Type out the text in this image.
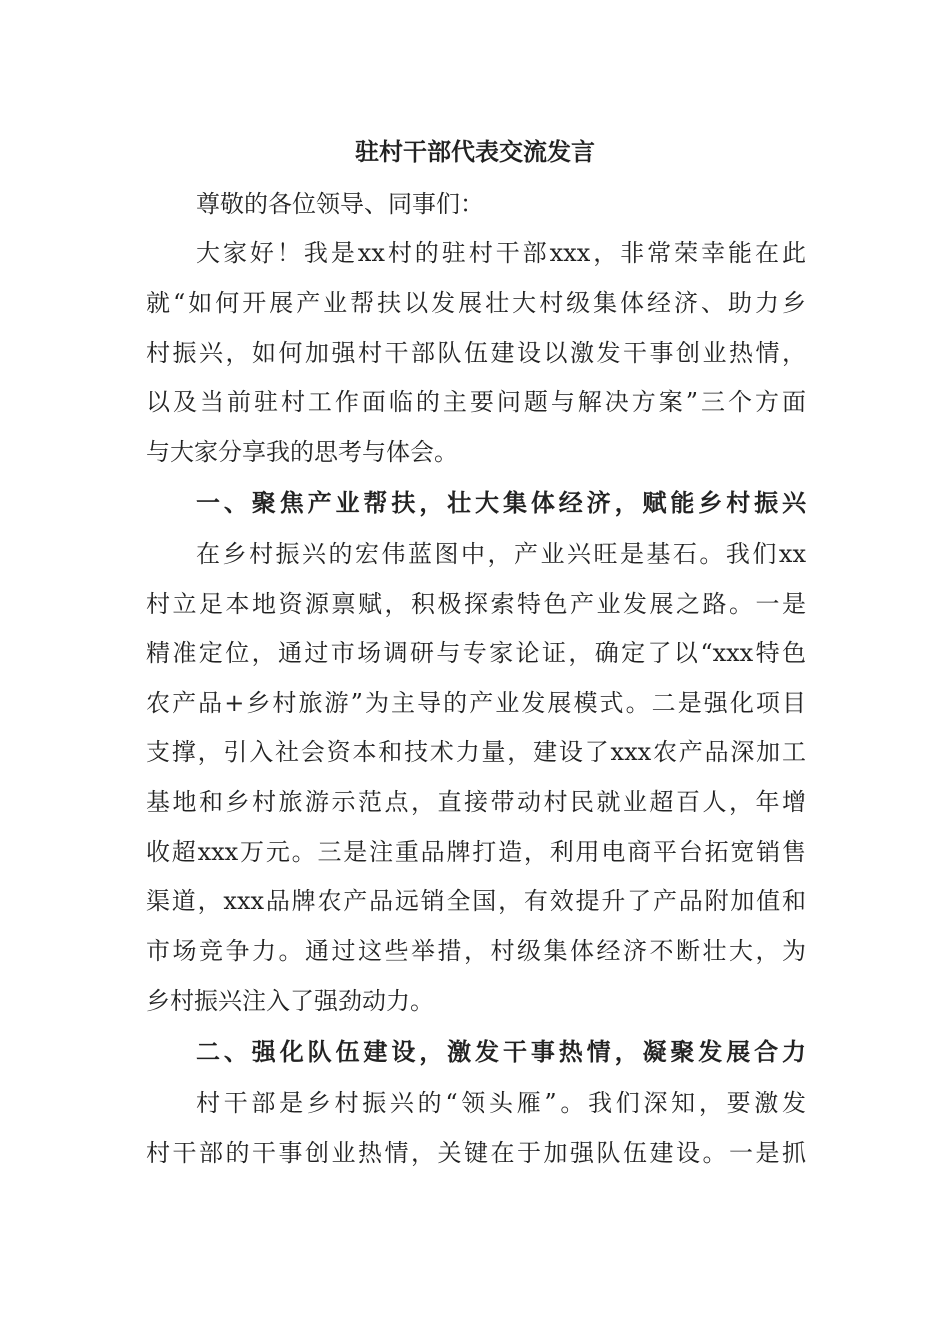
驻村干部代表交流发言
尊敬的各位领导、同事们：
大家好！我是xx村的驻村干部xxx，非常荣幸能在此
就“如何开展产业帮扶以发展壮大村级集体经济、助力乡
村振兴，如何加强村干部队伍建设以激发干事创业热情，
以及当前驻村工作面临的主要问题与解决方案”三个方面
与大家分享我的思考与体会。
一、聚焦产业帮扶，壮大集体经济，赋能乡村振兴
在乡村振兴的宏伟蓝图中，产业兴旺是基石。我们xx
村立足本地资源禀赋，积极探索特色产业发展之路。一是
精准定位，通过市场调研与专家论证，确定了以“xxx特色
农产品+乡村旅游”为主导的产业发展模式。二是强化项目
支撑，引入社会资本和技术力量，建设了xxx农产品深加工
基地和乡村旅游示范点，直接带动村民就业超百人，年增
收超xxx万元。三是注重品牌打造，利用电商平台拓宽销售
渠道，xxx品牌农产品远销全国，有效提升了产品附加值和
市场竞争力。通过这些举措，村级集体经济不断壮大，为
乡村振兴注入了强劲动力。
二、强化队伍建设，激发干事热情，凝聚发展合力
村干部是乡村振兴的“领头雁”。我们深知，要激发
村干部的干事创业热情，关键在于加强队伍建设。一是抓
